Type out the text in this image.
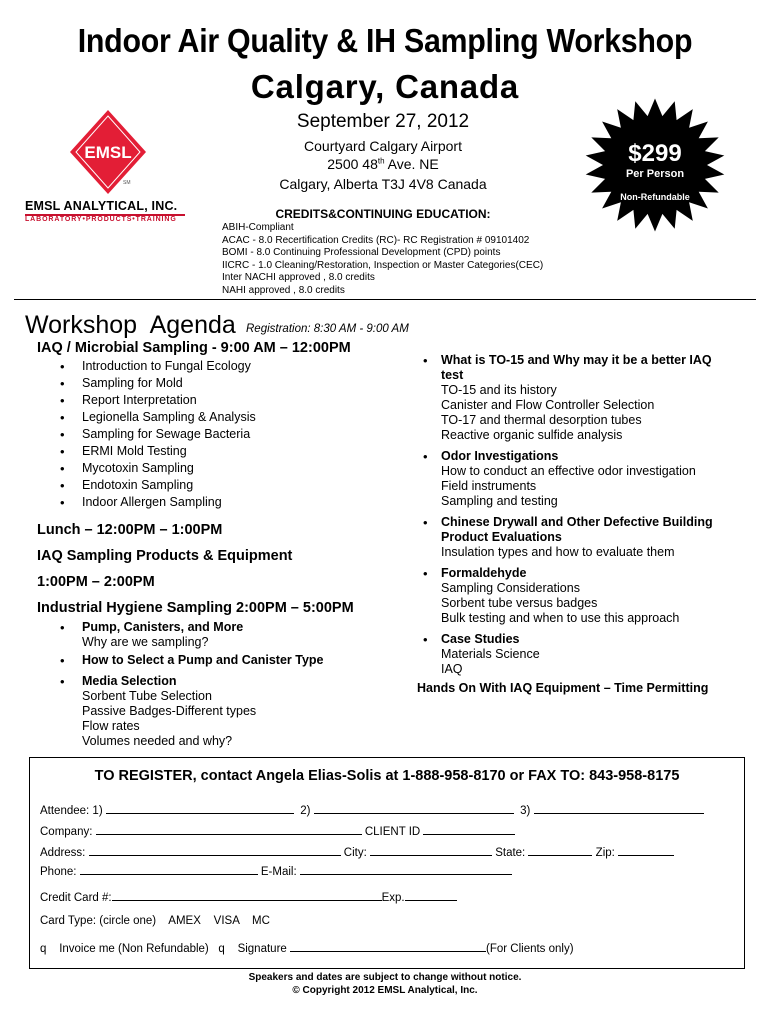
Indoor Air Quality & IH Sampling Workshop
Calgary, Canada
September 27, 2012
Courtyard Calgary Airport
2500 48th Ave. NE
Calgary, Alberta T3J 4V8 Canada
EMSL
SM
EMSL ANALYTICAL, INC.
LABORATORY•PRODUCTS•TRAINING
$299
Per Person
Non-Refundable
CREDITS&CONTINUING EDUCATION:
ABIH-Compliant
ACAC - 8.0 Recertification Credits (RC)- RC Registration # 09101402
BOMI - 8.0 Continuing Professional Development (CPD) points
IICRC - 1.0 Cleaning/Restoration, Inspection or Master Categories(CEC)
Inter NACHI approved , 8.0 credits
NAHI approved , 8.0 credits
Workshop  Agenda Registration: 8:30 AM - 9:00 AM
IAQ / Microbial Sampling - 9:00 AM – 12:00PM
• Introduction to Fungal Ecology
• Sampling for Mold
• Report Interpretation
• Legionella Sampling & Analysis
• Sampling for Sewage Bacteria
• ERMI Mold Testing
• Mycotoxin Sampling
• Endotoxin Sampling
• Indoor Allergen Sampling
Lunch – 12:00PM – 1:00PM
IAQ Sampling Products & Equipment
1:00PM – 2:00PM
Industrial Hygiene Sampling 2:00PM – 5:00PM
• Pump, Canisters, and More
Why are we sampling?
• How to Select a Pump and Canister Type
• Media Selection
Sorbent Tube Selection
Passive Badges-Different types
Flow rates
Volumes needed and why?
• What is TO-15 and Why may it be a better IAQ
test
TO-15 and its history
Canister and Flow Controller Selection
TO-17 and thermal desorption tubes
Reactive organic sulfide analysis
• Odor Investigations
How to conduct an effective odor investigation
Field instruments
Sampling and testing
• Chinese Drywall and Other Defective Building
Product Evaluations
Insulation types and how to evaluate them
• Formaldehyde
Sampling Considerations
Sorbent tube versus badges
Bulk testing and when to use this approach
• Case Studies
Materials Science
IAQ
Hands On With IAQ Equipment – Time Permitting
TO REGISTER, contact Angela Elias-Solis at 1-888-958-8170 or FAX TO: 843-958-8175
Attendee: 1)	2)	3)
Company:	CLIENT ID
Address:	City:	State:	Zip:
Phone:	E-Mail:
Credit Card #:	Exp.
Card Type: (circle one) AMEX VISA MC
q Invoice me (Non Refundable) q Signature	(For Clients only)
Speakers and dates are subject to change without notice.
© Copyright 2012 EMSL Analytical, Inc.
